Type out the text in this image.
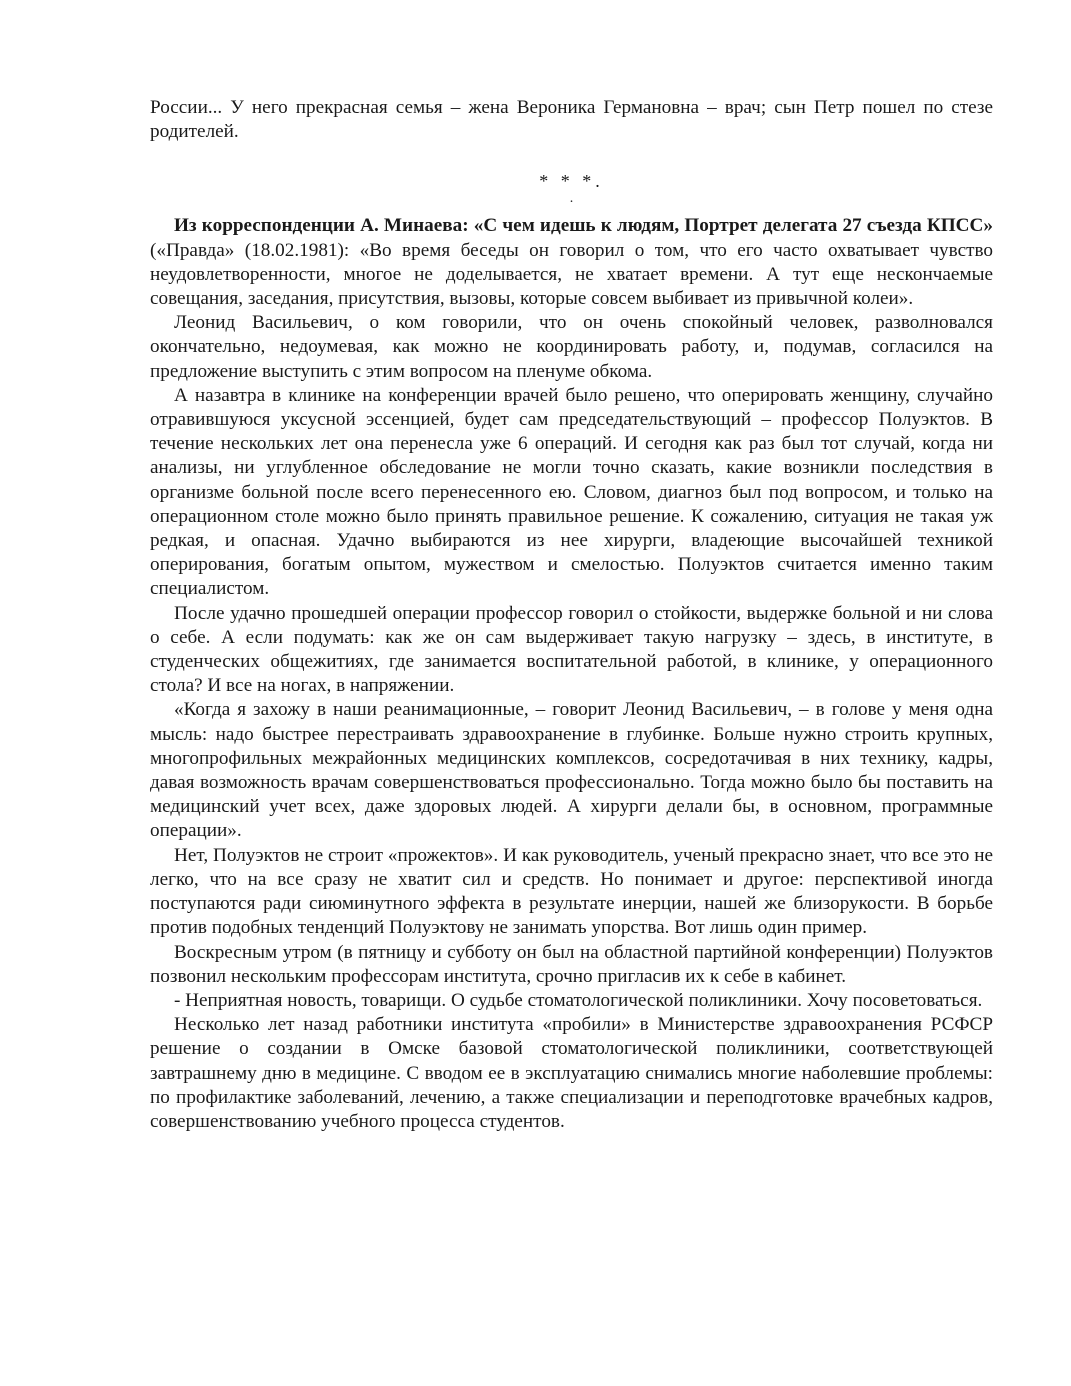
России... У него прекрасная семья – жена Вероника Германовна – врач; сын Петр пошел по стезе родителей.

* * *.
.

Из корреспонденции А. Минаева: «С чем идешь к людям, Портрет делегата 27 съезда КПСС» («Правда» (18.02.1981): «Во время беседы он говорил о том, что его часто охватывает чувство неудовлетворенности, многое не доделывается, не хватает времени. А тут еще нескончаемые совещания, заседания, присутствия, вызовы, которые совсем выбивает из привычной колеи».

Леонид Васильевич, о ком говорили, что он очень спокойный человек, разволновался окончательно, недоумевая, как можно не координировать работу, и, подумав, согласился на предложение выступить с этим вопросом на пленуме обкома.

А назавтра в клинике на конференции врачей было решено, что оперировать женщину, случайно отравившуюся уксусной эссенцией, будет сам председательствующий – профессор Полуэктов. В течение нескольких лет она перенесла уже 6 операций. И сегодня как раз был тот случай, когда ни анализы, ни углубленное обследование не могли точно сказать, какие возникли последствия в организме больной после всего перенесенного ею. Словом, диагноз был под вопросом, и только на операционном столе можно было принять правильное решение. К сожалению, ситуация не такая уж редкая, и опасная. Удачно выбираются из нее хирурги, владеющие высочайшей техникой оперирования, богатым опытом, мужеством и смелостью. Полуэктов считается именно таким специалистом.

После удачно прошедшей операции профессор говорил о стойкости, выдержке больной и ни слова о себе. А если подумать: как же он сам выдерживает такую нагрузку – здесь, в институте, в студенческих общежитиях, где занимается воспитательной работой, в клинике, у операционного стола? И все на ногах, в напряжении.

«Когда я захожу в наши реанимационные, – говорит Леонид Васильевич, – в голове у меня одна мысль: надо быстрее перестраивать здравоохранение в глубинке. Больше нужно строить крупных, многопрофильных межрайонных медицинских комплексов, сосредотачивая в них технику, кадры, давая возможность врачам совершенствоваться профессионально. Тогда можно было бы поставить на медицинский учет всех, даже здоровых людей. А хирурги делали бы, в основном, программные операции».

Нет, Полуэктов не строит «прожектов». И как руководитель, ученый прекрасно знает, что все это не легко, что на все сразу не хватит сил и средств. Но понимает и другое: перспективой иногда поступаются ради сиюминутного эффекта в результате инерции, нашей же близорукости. В борьбе против подобных тенденций Полуэктову не занимать упорства. Вот лишь один пример.

Воскресным утром (в пятницу и субботу он был на областной партийной конференции) Полуэктов позвонил нескольким профессорам института, срочно пригласив их к себе в кабинет.

- Неприятная новость, товарищи. О судьбе стоматологической поликлиники. Хочу посоветоваться.

Несколько лет назад работники института «пробили» в Министерстве здравоохранения РСФСР решение о создании в Омске базовой стоматологической поликлиники, соответствующей завтрашнему дню в медицине. С вводом ее в эксплуатацию снимались многие наболевшие проблемы: по профилактике заболеваний, лечению, а также специализации и переподготовке врачебных кадров, совершенствованию учебного процесса студентов.
